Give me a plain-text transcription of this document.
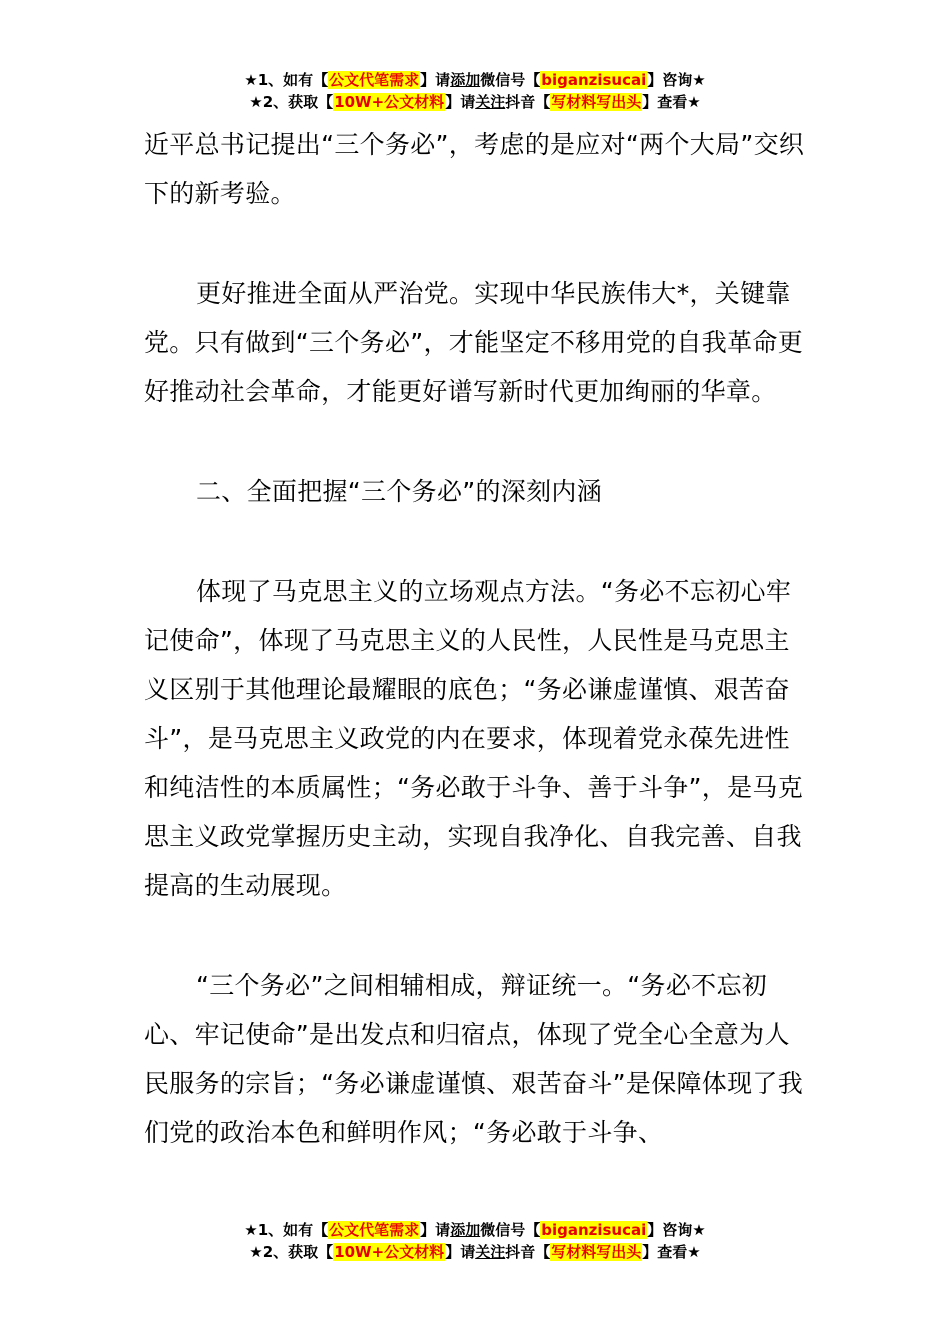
★1、如有【公文代笔需求】请添加微信号【biganzisucai】咨询★
★2、获取【10W+公文材料】请关注抖音【写材料写出头】查看★

近平总书记提出“三个务必”，考虑的是应对“两个大局”交织下的新考验。

更好推进全面从严治党。实现中华民族伟大*，关键靠党。只有做到“三个务必”，才能坚定不移用党的自我革命更好推动社会革命，才能更好谱写新时代更加绚丽的华章。

二、全面把握“三个务必”的深刻内涵

体现了马克思主义的立场观点方法。“务必不忘初心牢记使命”，体现了马克思主义的人民性，人民性是马克思主义区别于其他理论最耀眼的底色；“务必谦虚谨慎、艰苦奋斗”，是马克思主义政党的内在要求，体现着党永葆先进性和纯洁性的本质属性；“务必敢于斗争、善于斗争”，是马克思主义政党掌握历史主动，实现自我净化、自我完善、自我提高的生动展现。

“三个务必”之间相辅相成，辩证统一。“务必不忘初心、牢记使命”是出发点和归宿点，体现了党全心全意为人民服务的宗旨；“务必谦虚谨慎、艰苦奋斗”是保障体现了我们党的政治本色和鲜明作风；“务必敢于斗争、

★1、如有【公文代笔需求】请添加微信号【biganzisucai】咨询★
★2、获取【10W+公文材料】请关注抖音【写材料写出头】查看★
